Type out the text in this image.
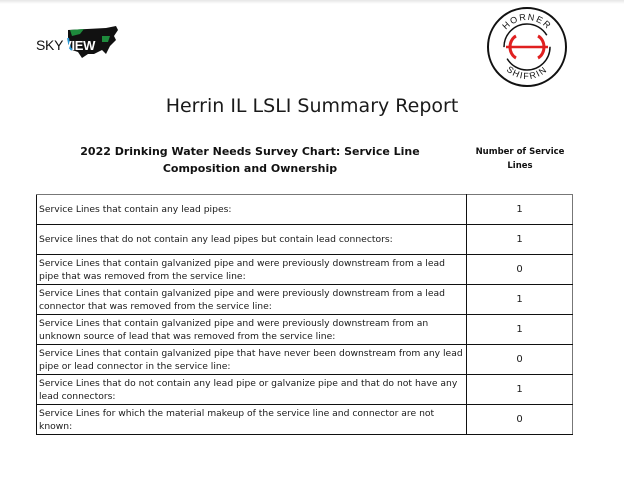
SKYVIEW
HORNER
SHIFRIN
Herrin IL LSLI Summary Report
2022 Drinking Water Needs Survey Chart: Service Line Composition and Ownership
Number of Service Lines
Service Lines that contain any lead pipes:	1
Service lines that do not contain any lead pipes but contain lead connectors:	1
Service Lines that contain galvanized pipe and were previously downstream from a lead pipe that was removed from the service line:	0
Service Lines that contain galvanized pipe and were previously downstream from a lead connector that was removed from the service line:	1
Service Lines that contain galvanized pipe and were previously downstream from an unknown source of lead that was removed from the service line:	1
Service Lines that contain galvanized pipe that have never been downstream from any lead pipe or lead connector in the service line:	0
Service Lines that do not contain any lead pipe or galvanize pipe and that do not have any lead connectors:	1
Service Lines for which the material makeup of the service line and connector are not known:	0
